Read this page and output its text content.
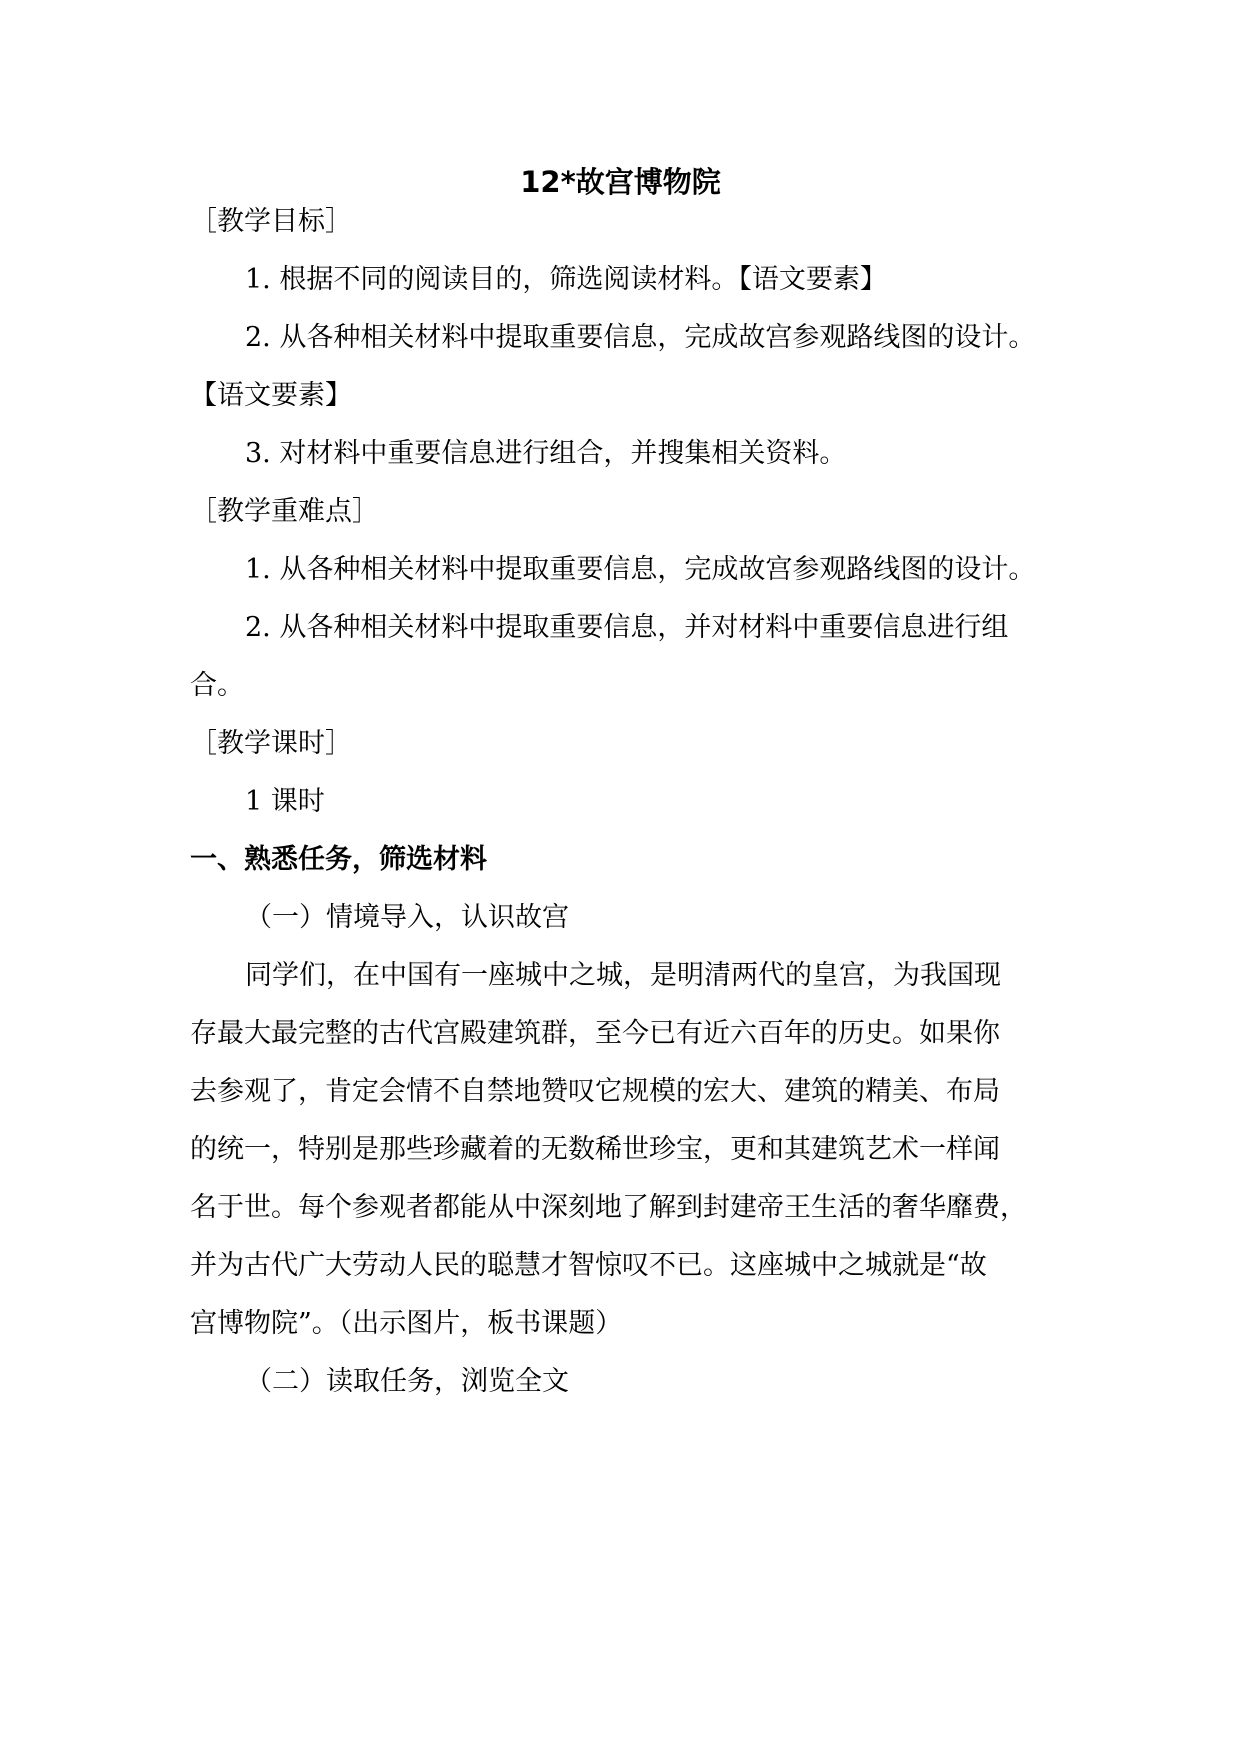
12*故宫博物院
［教学目标］
1. 根据不同的阅读目的，筛选阅读材料。【语文要素】
2. 从各种相关材料中提取重要信息，完成故宫参观路线图的设计。
【语文要素】
3. 对材料中重要信息进行组合，并搜集相关资料。
［教学重难点］
1. 从各种相关材料中提取重要信息，完成故宫参观路线图的设计。
2. 从各种相关材料中提取重要信息，并对材料中重要信息进行组
合。
［教学课时］
1 课时
一、熟悉任务，筛选材料
（一）情境导入，认识故宫
同学们，在中国有一座城中之城，是明清两代的皇宫，为我国现
存最大最完整的古代宫殿建筑群，至今已有近六百年的历史。如果你
去参观了，肯定会情不自禁地赞叹它规模的宏大、建筑的精美、布局
的统一，特别是那些珍藏着的无数稀世珍宝，更和其建筑艺术一样闻
名于世。每个参观者都能从中深刻地了解到封建帝王生活的奢华靡费，
并为古代广大劳动人民的聪慧才智惊叹不已。这座城中之城就是“故
宫博物院”。（出示图片，板书课题）
（二）读取任务，浏览全文
